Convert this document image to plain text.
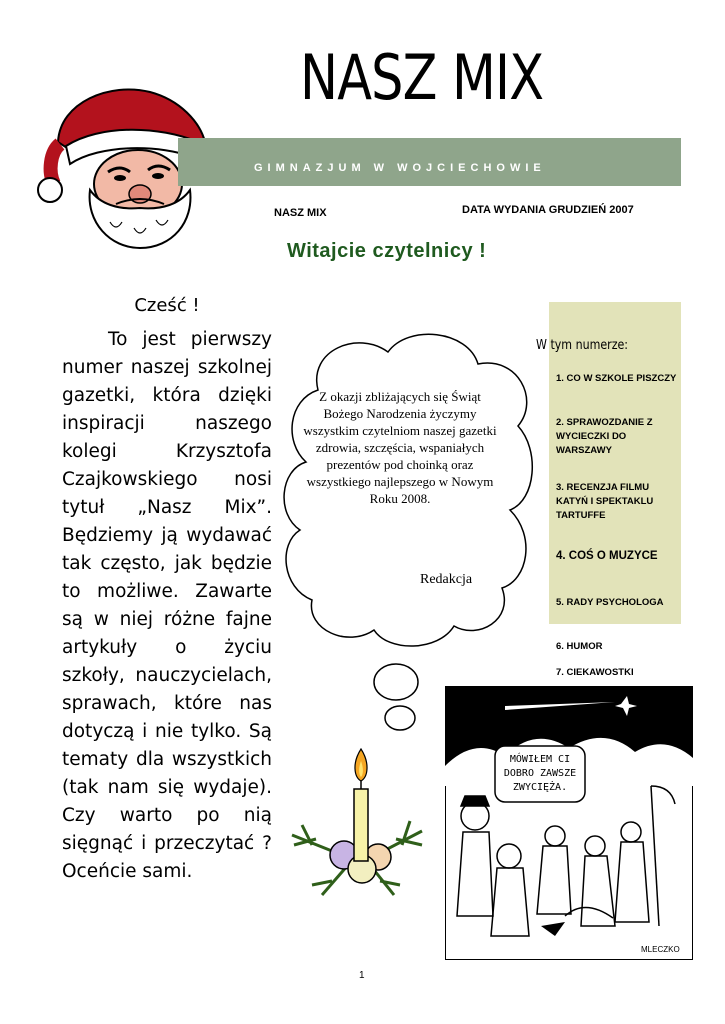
NASZ MIX
GIMNAZJUM W WOJCIECHOWIE
NASZ MIX	DATA WYDANIA GRUDZIEŃ 2007
Witajcie czytelnicy !

Cześć !

To jest pierwszy numer naszej szkolnej gazetki, która dzięki inspiracji naszego kolegi Krzysztofa Czajkowskiego nosi tytuł „Nasz Mix”. Będziemy ją wydawać tak często, jak będzie to możliwe. Zawarte są w niej różne fajne artykuły o życiu szkoły, nauczycielach, sprawach, które nas dotyczą i nie tylko. Są tematy dla wszystkich (tak nam się wydaje). Czy warto po nią sięgnąć i przeczytać ? Oceńcie sami.

Z okazji zbliżających się Świąt Bożego Narodzenia życzymy wszystkim czytelniom naszej gazetki zdrowia, szczęścia, wspaniałych prezentów pod choinką oraz wszystkiego najlepszego w Nowym Roku 2008.
Redakcja
W tym numerze:
1. CO W SZKOLE PISZCZY
2. SPRAWOZDANIE Z WYCIECZKI DO WARSZAWY
3. RECENZJA FILMU KATYŃ I SPEKTAKLU TARTUFFE
4. COŚ O MUZYCE
5. RADY PSYCHOLOGA
6. HUMOR
7. CIEKAWOSTKI
MÓWIŁEM CI
DOBRO ZAWSZE
ZWYCIĘŻA.
MLECZKO
1
